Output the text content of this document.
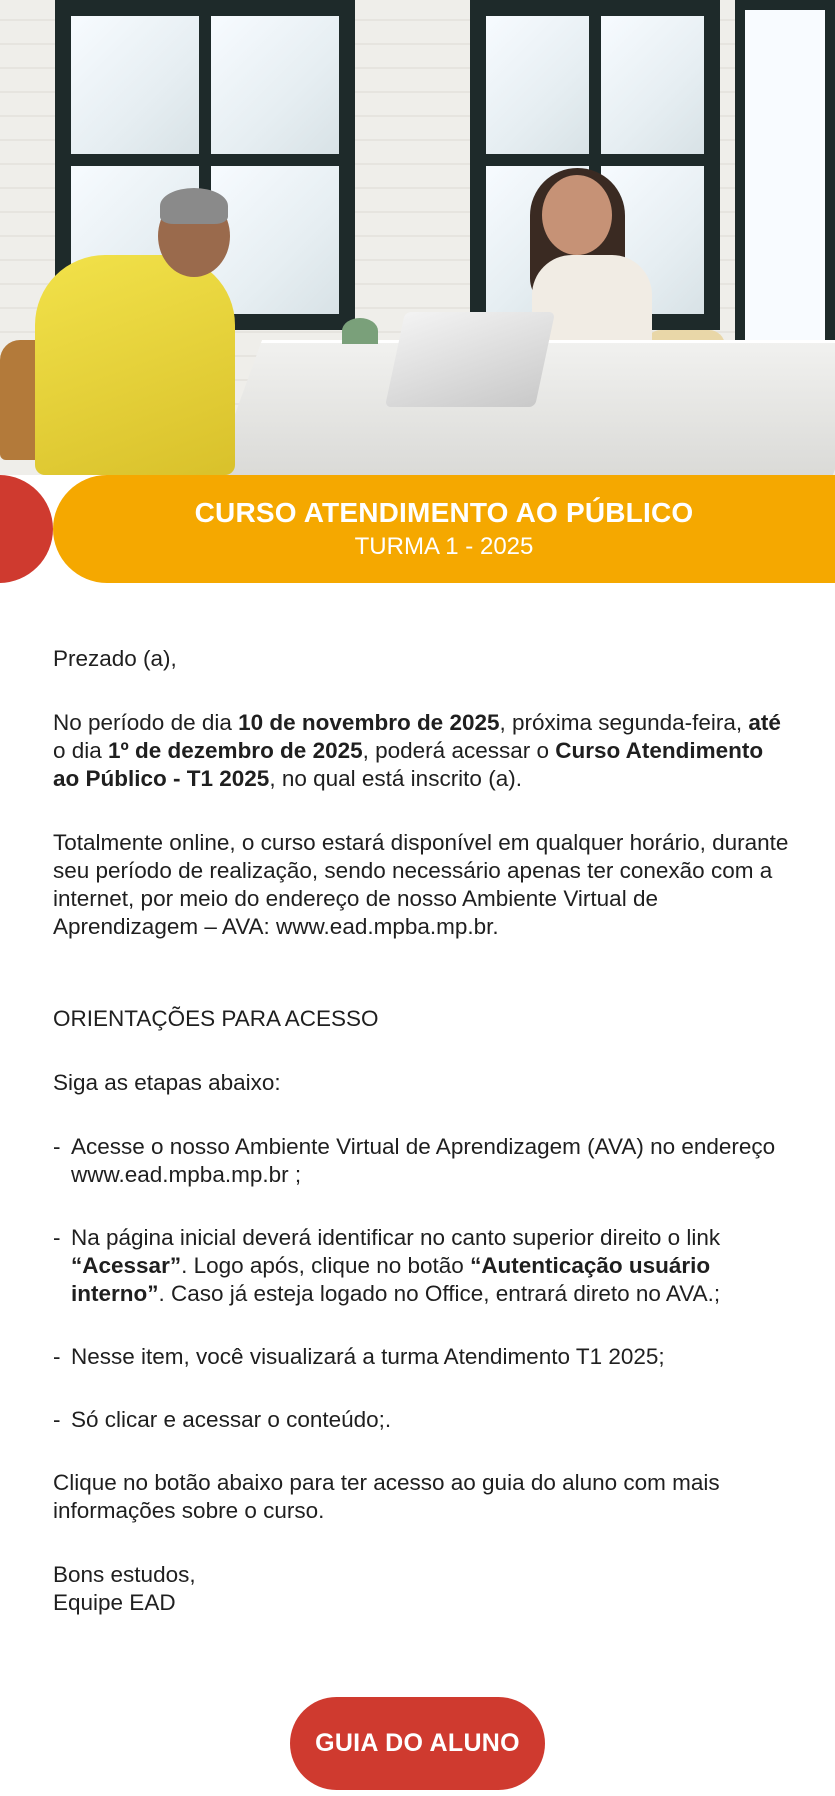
CURSO ATENDIMENTO AO PÚBLICO
TURMA 1 - 2025

Prezado (a),

No período de dia 10 de novembro de 2025, próxima segunda-feira, até o dia 1º de dezembro de 2025, poderá acessar o Curso Atendimento ao Público - T1 2025, no qual está inscrito (a).

Totalmente online, o curso estará disponível em qualquer horário, durante seu período de realização, sendo necessário apenas ter conexão com a internet, por meio do endereço de nosso Ambiente Virtual de Aprendizagem – AVA: www.ead.mpba.mp.br.

ORIENTAÇÕES PARA ACESSO

Siga as etapas abaixo:

- Acesse o nosso Ambiente Virtual de Aprendizagem (AVA) no endereço www.ead.mpba.mp.br ;
- Na página inicial deverá identificar no canto superior direito o link “Acessar”. Logo após, clique no botão “Autenticação usuário interno”. Caso já esteja logado no Office, entrará direto no AVA.;
- Nesse item, você visualizará a turma Atendimento T1 2025;
- Só clicar e acessar o conteúdo;.

Clique no botão abaixo para ter acesso ao guia do aluno com mais informações sobre o curso.

Bons estudos,
Equipe EAD

GUIA DO ALUNO
